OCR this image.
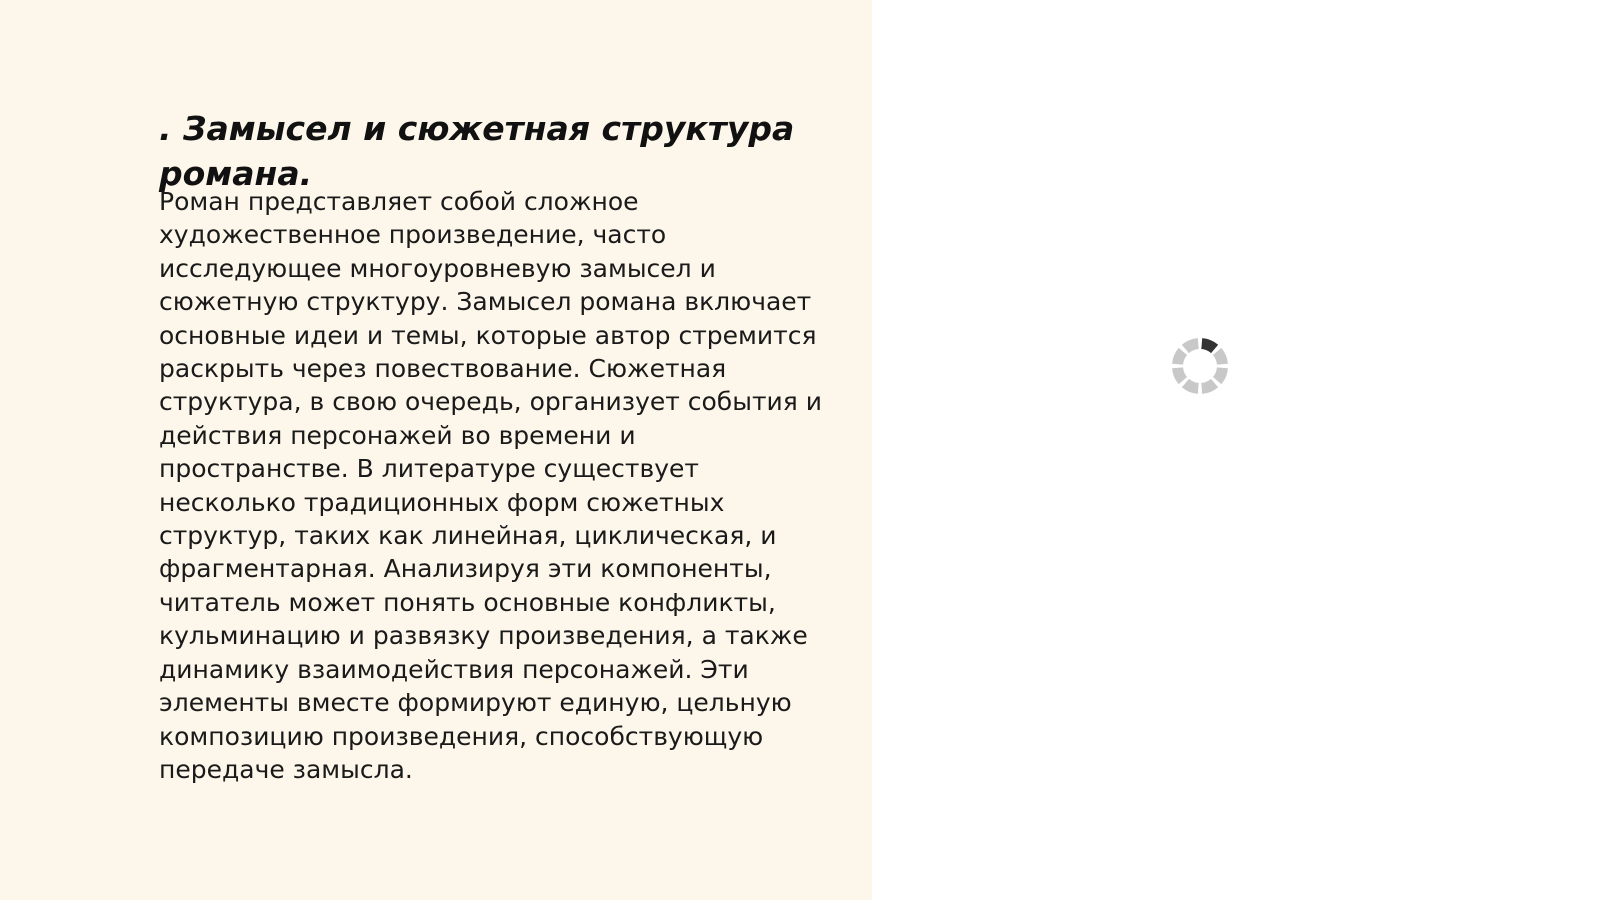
. Замысел и сюжетная структура романа.

Роман представляет собой сложное
художественное произведение, часто
исследующее многоуровневую замысел и
сюжетную структуру. Замысел романа включает
основные идеи и темы, которые автор стремится
раскрыть через повествование. Сюжетная
структура, в свою очередь, организует события и
действия персонажей во времени и
пространстве. В литературе существует
несколько традиционных форм сюжетных
структур, таких как линейная, циклическая, и
фрагментарная. Анализируя эти компоненты,
читатель может понять основные конфликты,
кульминацию и развязку произведения, а также
динамику взаимодействия персонажей. Эти
элементы вместе формируют единую, цельную
композицию произведения, способствующую
передаче замысла.
